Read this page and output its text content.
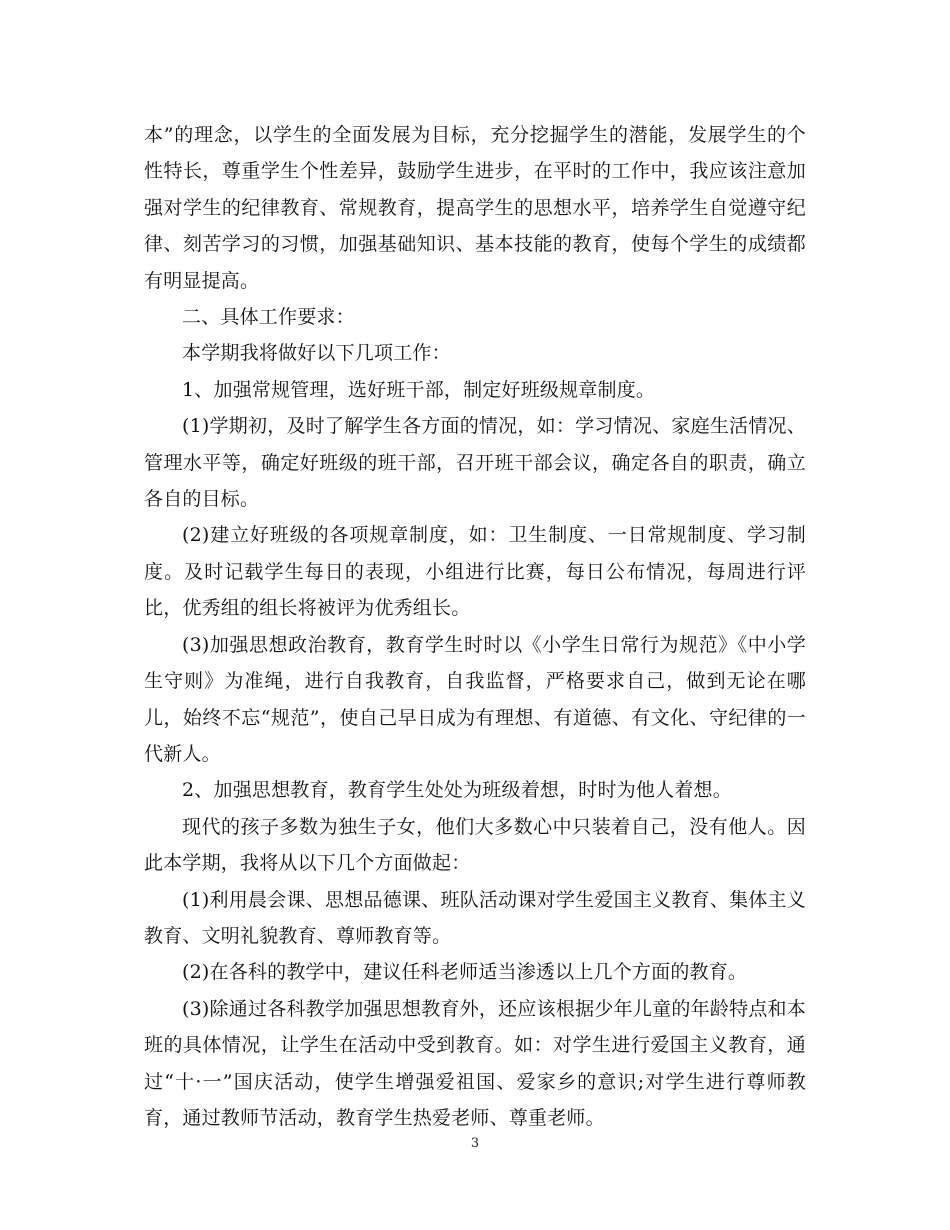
本”的理念，以学生的全面发展为目标，充分挖掘学生的潜能，发展学生的个性特长，尊重学生个性差异，鼓励学生进步，在平时的工作中，我应该注意加强对学生的纪律教育、常规教育，提高学生的思想水平，培养学生自觉遵守纪律、刻苦学习的习惯，加强基础知识、基本技能的教育，使每个学生的成绩都有明显提高。

二、具体工作要求：

本学期我将做好以下几项工作：

1、加强常规管理，选好班干部，制定好班级规章制度。

(1)学期初，及时了解学生各方面的情况，如：学习情况、家庭生活情况、管理水平等，确定好班级的班干部，召开班干部会议，确定各自的职责，确立各自的目标。

(2)建立好班级的各项规章制度，如：卫生制度、一日常规制度、学习制度。及时记载学生每日的表现，小组进行比赛，每日公布情况，每周进行评比，优秀组的组长将被评为优秀组长。

(3)加强思想政治教育，教育学生时时以《小学生日常行为规范》《中小学生守则》为准绳，进行自我教育，自我监督，严格要求自己，做到无论在哪儿，始终不忘“规范”，使自己早日成为有理想、有道德、有文化、守纪律的一代新人。

2、加强思想教育，教育学生处处为班级着想，时时为他人着想。

现代的孩子多数为独生子女，他们大多数心中只装着自己，没有他人。因此本学期，我将从以下几个方面做起：

(1)利用晨会课、思想品德课、班队活动课对学生爱国主义教育、集体主义教育、文明礼貌教育、尊师教育等。

(2)在各科的教学中，建议任科老师适当渗透以上几个方面的教育。

(3)除通过各科教学加强思想教育外，还应该根据少年儿童的年龄特点和本班的具体情况，让学生在活动中受到教育。如：对学生进行爱国主义教育，通过“十·一”国庆活动，使学生增强爱祖国、爱家乡的意识;对学生进行尊师教育，通过教师节活动，教育学生热爱老师、尊重老师。

3
